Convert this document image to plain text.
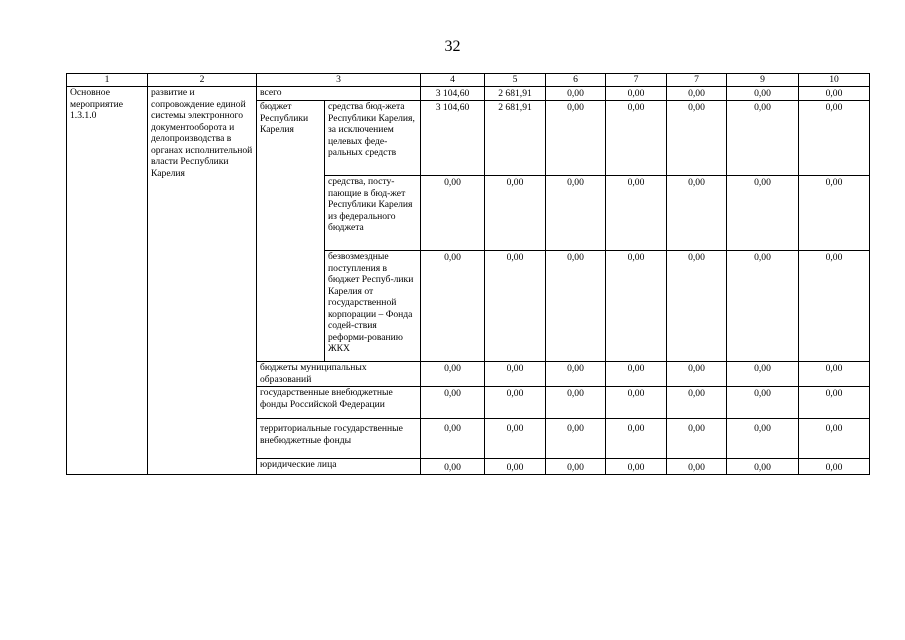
32
1	2	3		4	5	6	7	7	9	10
Основное мероприятие 1.3.1.0	развитие и сопровождение единой системы электронного документооборота и делопроизводства в органах исполнительной власти Республики Карелия	всего		3 104,60	2 681,91	0,00	0,00	0,00	0,00	0,00
		бюджет Республики Карелия	средства бюд-жета Республики Карелия, за исключением целевых феде-ральных средств	3 104,60	2 681,91	0,00	0,00	0,00	0,00	0,00
			средства, посту-пающие в бюд-жет Республики Карелия из федерального бюджета	0,00	0,00	0,00	0,00	0,00	0,00	0,00
			безвозмездные поступления в бюджет Респуб-лики Карелия от государственной корпорации – Фонда содей-ствия реформи-рованию ЖКХ	0,00	0,00	0,00	0,00	0,00	0,00	0,00
		бюджеты муниципальных образований		0,00	0,00	0,00	0,00	0,00	0,00	0,00
		государственные внебюджетные фонды Российской Федерации		0,00	0,00	0,00	0,00	0,00	0,00	0,00
		территориальные государственные внебюджетные фонды		0,00	0,00	0,00	0,00	0,00	0,00	0,00
		юридические лица		0,00	0,00	0,00	0,00	0,00	0,00	0,00
